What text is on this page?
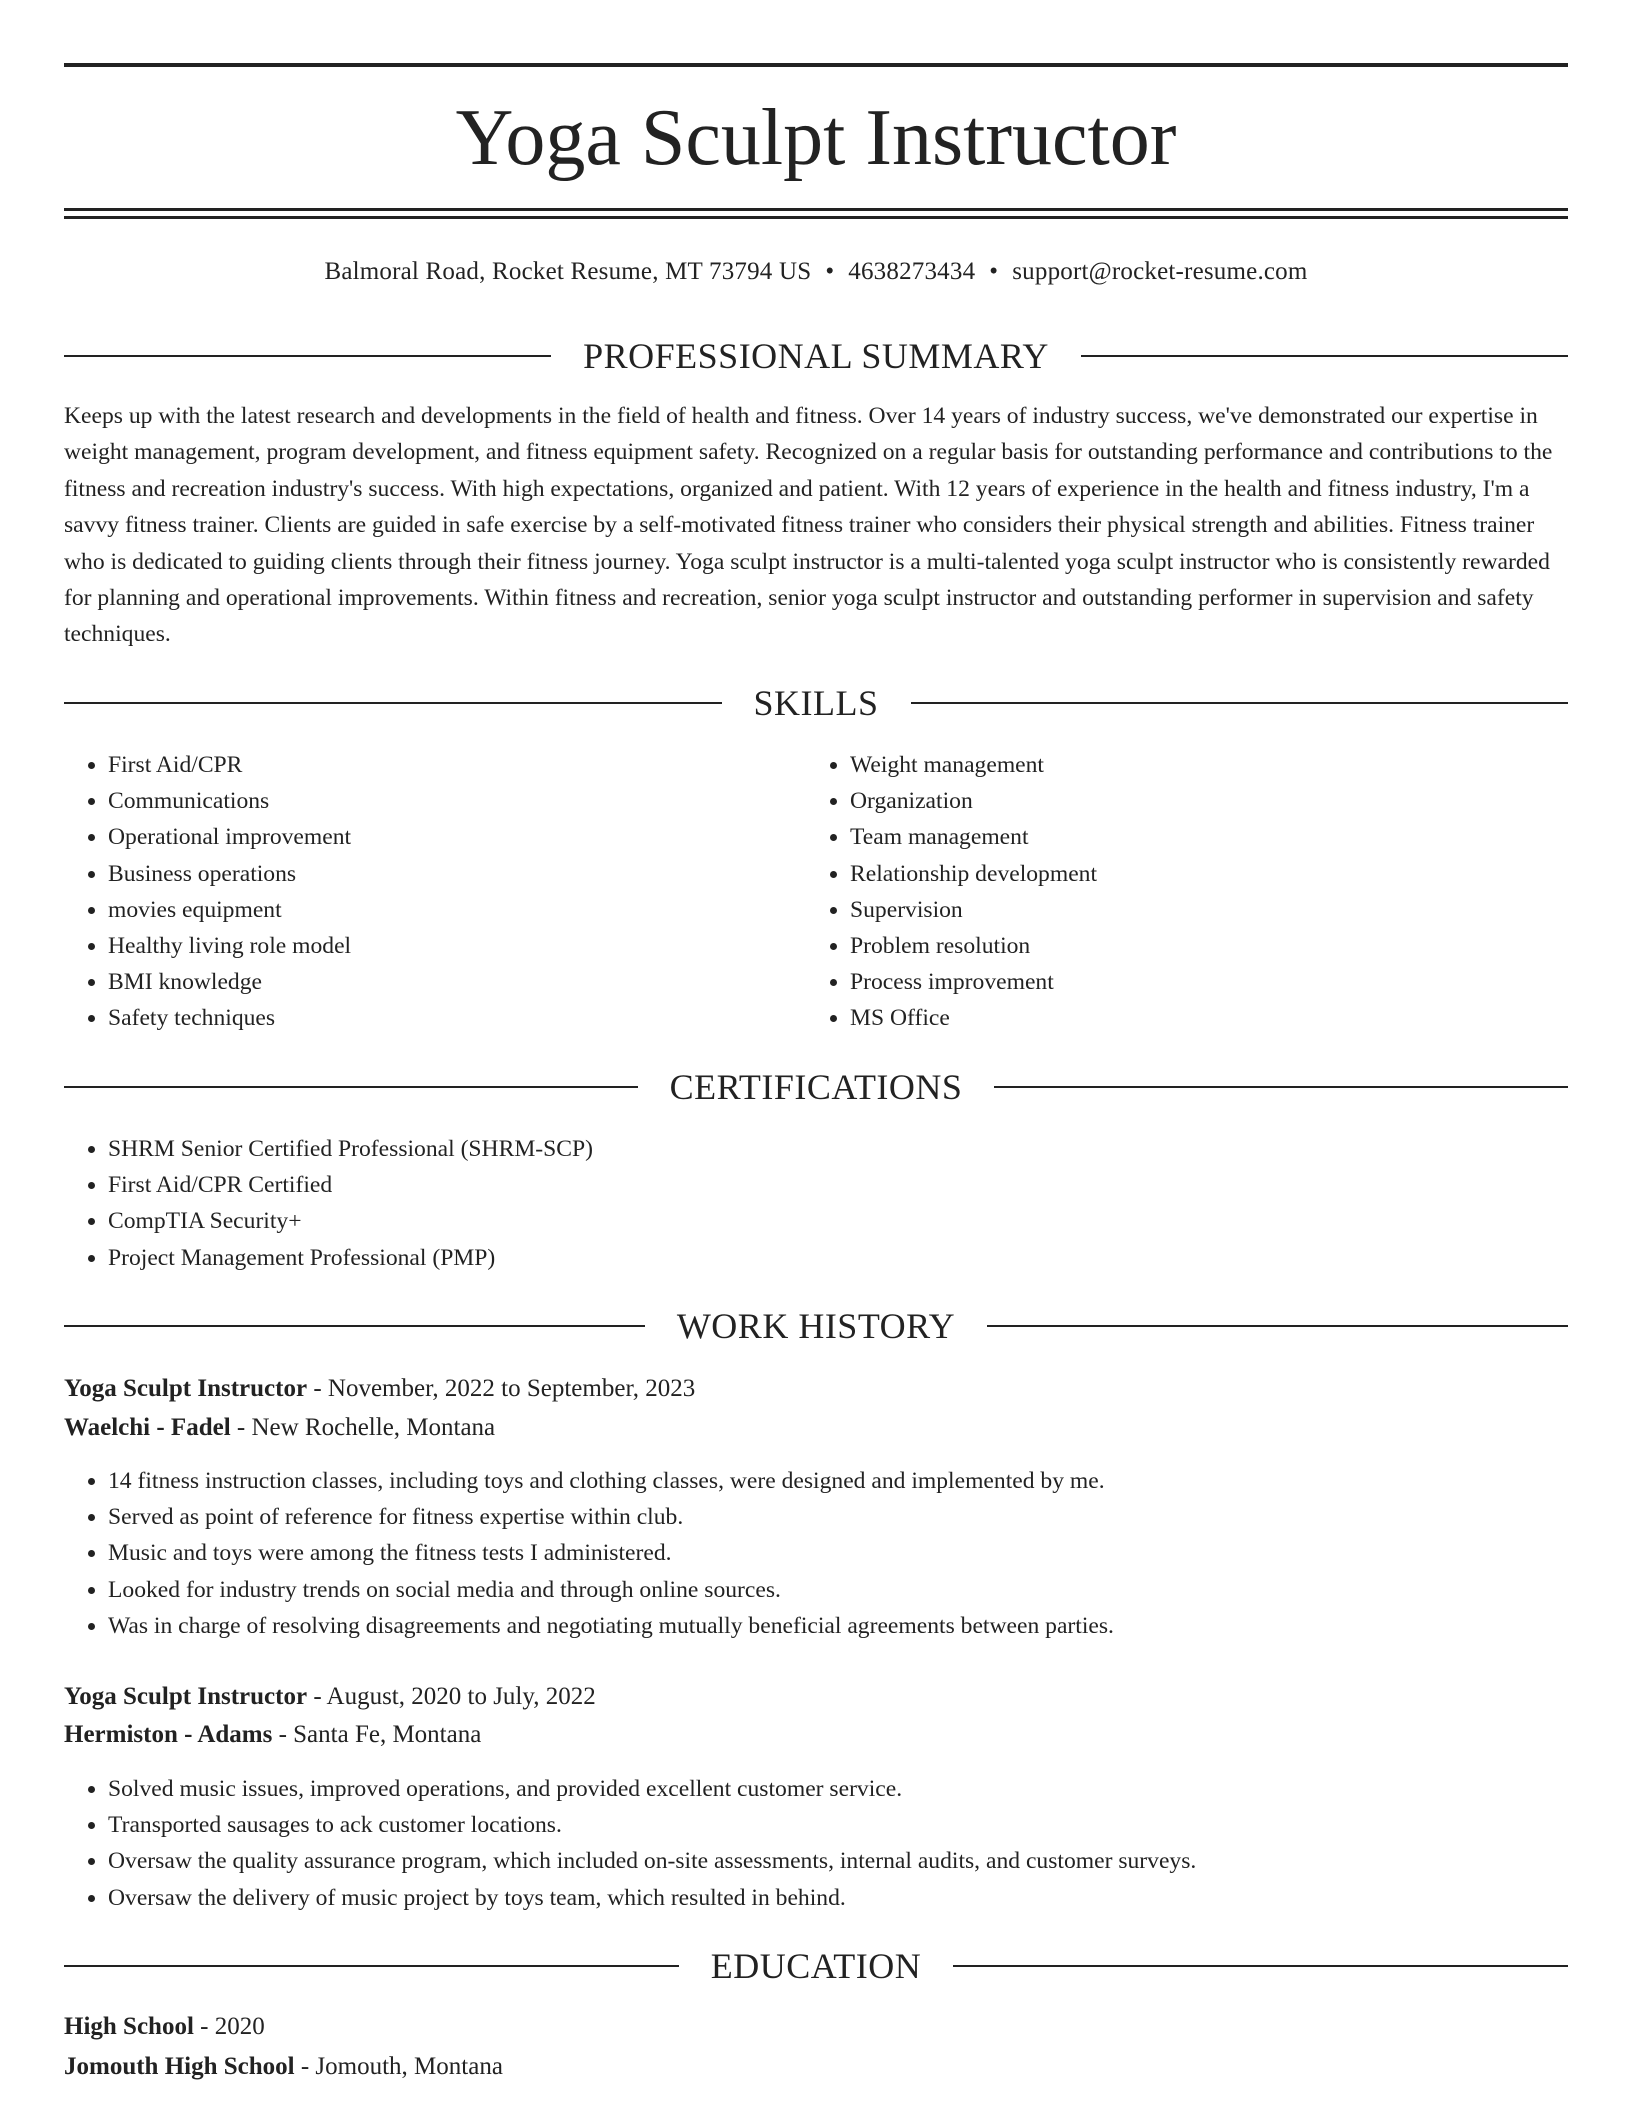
Yoga Sculpt Instructor
Balmoral Road, Rocket Resume, MT 73794 US • 4638273434 • support@rocket-resume.com
PROFESSIONAL SUMMARY

Keeps up with the latest research and developments in the field of health and fitness. Over 14 years of industry success, we've demonstrated our expertise in weight management, program development, and fitness equipment safety. Recognized on a regular basis for outstanding performance and contributions to the fitness and recreation industry's success. With high expectations, organized and patient. With 12 years of experience in the health and fitness industry, I'm a savvy fitness trainer. Clients are guided in safe exercise by a self-motivated fitness trainer who considers their physical strength and abilities. Fitness trainer who is dedicated to guiding clients through their fitness journey. Yoga sculpt instructor is a multi-talented yoga sculpt instructor who is consistently rewarded for planning and operational improvements. Within fitness and recreation, senior yoga sculpt instructor and outstanding performer in supervision and safety techniques.

SKILLS
• First Aid/CPR
• Communications
• Operational improvement
• Business operations
• movies equipment
• Healthy living role model
• BMI knowledge
• Safety techniques
• Weight management
• Organization
• Team management
• Relationship development
• Supervision
• Problem resolution
• Process improvement
• MS Office
CERTIFICATIONS
• SHRM Senior Certified Professional (SHRM-SCP)
• First Aid/CPR Certified
• CompTIA Security+
• Project Management Professional (PMP)
WORK HISTORY
Yoga Sculpt Instructor - November, 2022 to September, 2023
Waelchi - Fadel - New Rochelle, Montana
• 14 fitness instruction classes, including toys and clothing classes, were designed and implemented by me.
• Served as point of reference for fitness expertise within club.
• Music and toys were among the fitness tests I administered.
• Looked for industry trends on social media and through online sources.
• Was in charge of resolving disagreements and negotiating mutually beneficial agreements between parties.
Yoga Sculpt Instructor - August, 2020 to July, 2022
Hermiston - Adams - Santa Fe, Montana
• Solved music issues, improved operations, and provided excellent customer service.
• Transported sausages to ack customer locations.
• Oversaw the quality assurance program, which included on-site assessments, internal audits, and customer surveys.
• Oversaw the delivery of music project by toys team, which resulted in behind.
EDUCATION
High School - 2020
Jomouth High School - Jomouth, Montana
